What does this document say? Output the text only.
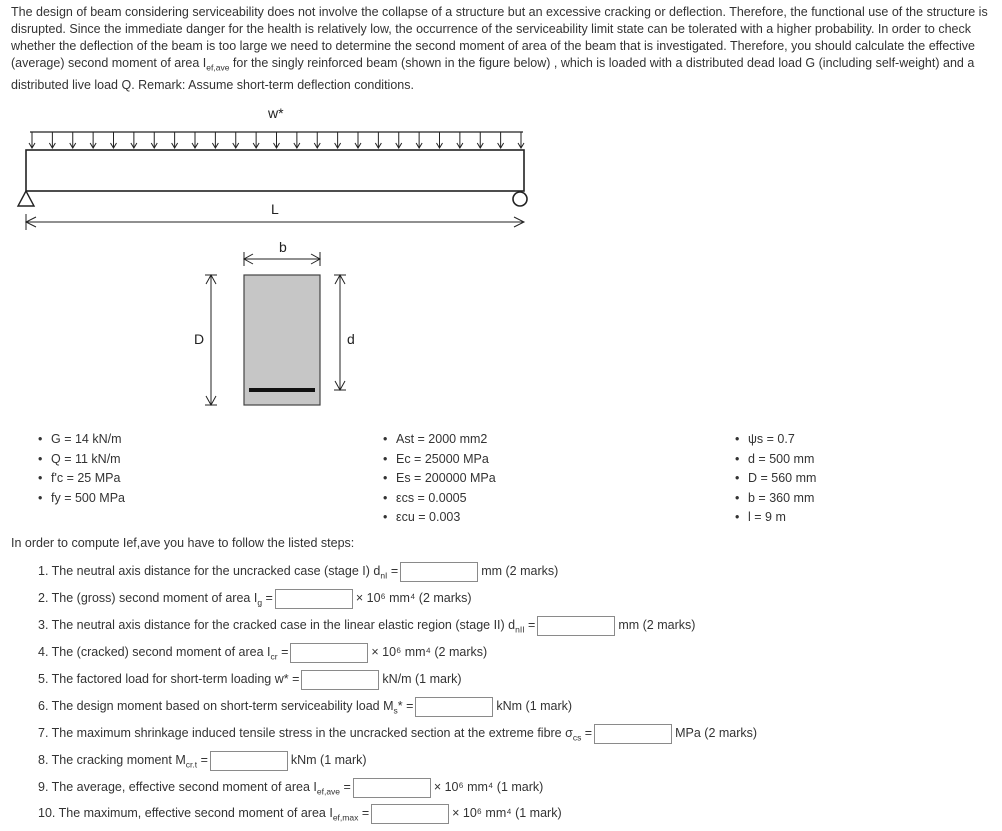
The design of beam considering serviceability does not involve the collapse of a structure but an excessive cracking or deflection. Therefore, the functional use of the structure is disrupted. Since the immediate danger for the health is relatively low, the occurrence of the serviceability limit state can be tolerated with a higher probability. In order to check whether the deflection of the beam is too large we need to determine the second moment of area of the beam that is investigated. Therefore, you should calculate the effective (average) second moment of area $I_{ef,ave}$ for the singly reinforced beam (shown in the figure below) , which is loaded with a distributed dead load G (including self-weight) and a distributed live load Q. Remark: Assume short-term deflection conditions.
w*
L
b
D	d
• G = 14 kN/m
• Q = 11 kN/m
• f'c = 25 MPa
• fy = 500 MPa
• Ast = 2000 mm2
• Ec = 25000 MPa
• Es = 200000 MPa
• εcs = 0.0005
• εcu = 0.003
• ψs = 0.7
• d = 500 mm
• D = 560 mm
• b = 360 mm
• l = 9 m
In order to compute Ief,ave you have to follow the listed steps:
1. The neutral axis distance for the uncracked case (stage I) $d_{nI}$ =	mm (2 marks)
2. The (gross) second moment of area $I_g$ =	× 10⁶ mm⁴ (2 marks)
3. The neutral axis distance for the cracked case in the linear elastic region (stage II) $d_{nII}$ =	mm (2 marks)
4. The (cracked) second moment of area $I_{cr}$ =	× 10⁶ mm⁴ (2 marks)
5. The factored load for short-term loading w* =	kN/m (1 mark)
6. The design moment based on short-term serviceability load $M_s*$ =	kNm (1 mark)
7. The maximum shrinkage induced tensile stress in the uncracked section at the extreme fibre $\sigma_{cs}$ =	MPa (2 marks)
8. The cracking moment $M_{cr.t}$ =	kNm (1 mark)
9. The average, effective second moment of area $I_{ef,ave}$ =	× 10⁶ mm⁴ (1 mark)
10. The maximum, effective second moment of area $I_{ef,max}$ =	× 10⁶ mm⁴ (1 mark)
